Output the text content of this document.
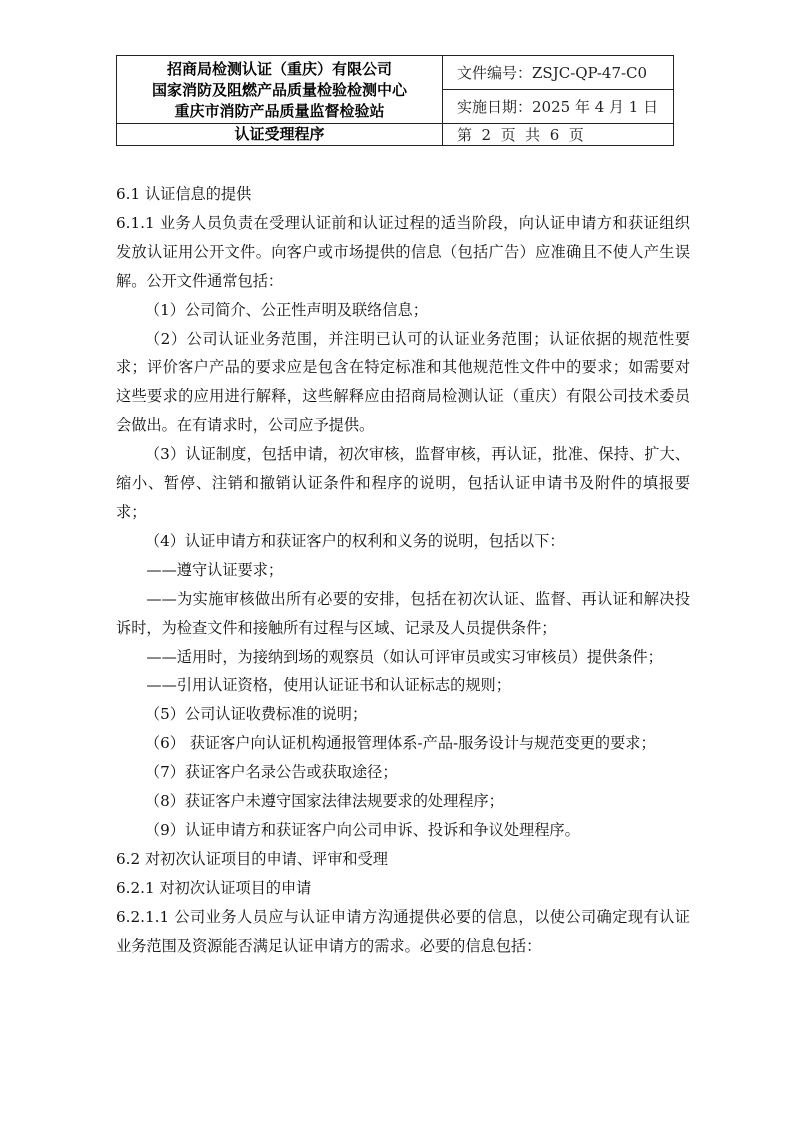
招商局检测认证（重庆）有限公司
国家消防及阻燃产品质量检验检测中心
重庆市消防产品质量监督检验站	文件编号：ZSJC-QP-47-C0
	实施日期：2025 年 4 月 1 日
认证受理程序	第  2  页  共  6  页

6.1 认证信息的提供

6.1.1 业务人员负责在受理认证前和认证过程的适当阶段，向认证申请方和获证组织发放认证用公开文件。向客户或市场提供的信息（包括广告）应准确且不使人产生误解。公开文件通常包括：

（1）公司简介、公正性声明及联络信息；

（2）公司认证业务范围，并注明已认可的认证业务范围；认证依据的规范性要求；评价客户产品的要求应是包含在特定标准和其他规范性文件中的要求；如需要对这些要求的应用进行解释，这些解释应由招商局检测认证（重庆）有限公司技术委员会做出。在有请求时，公司应予提供。

（3）认证制度，包括申请，初次审核，监督审核，再认证，批准、保持、扩大、缩小、暂停、注销和撤销认证条件和程序的说明，包括认证申请书及附件的填报要求；

（4）认证申请方和获证客户的权利和义务的说明，包括以下：

——遵守认证要求；

——为实施审核做出所有必要的安排，包括在初次认证、监督、再认证和解决投诉时，为检查文件和接触所有过程与区域、记录及人员提供条件；

——适用时，为接纳到场的观察员（如认可评审员或实习审核员）提供条件；

——引用认证资格，使用认证证书和认证标志的规则；

（5）公司认证收费标准的说明；

（6） 获证客户向认证机构通报管理体系-产品-服务设计与规范变更的要求；

（7）获证客户名录公告或获取途径；

（8）获证客户未遵守国家法律法规要求的处理程序；

（9）认证申请方和获证客户向公司申诉、投诉和争议处理程序。

6.2 对初次认证项目的申请、评审和受理

6.2.1 对初次认证项目的申请

6.2.1.1 公司业务人员应与认证申请方沟通提供必要的信息，以使公司确定现有认证业务范围及资源能否满足认证申请方的需求。必要的信息包括：
